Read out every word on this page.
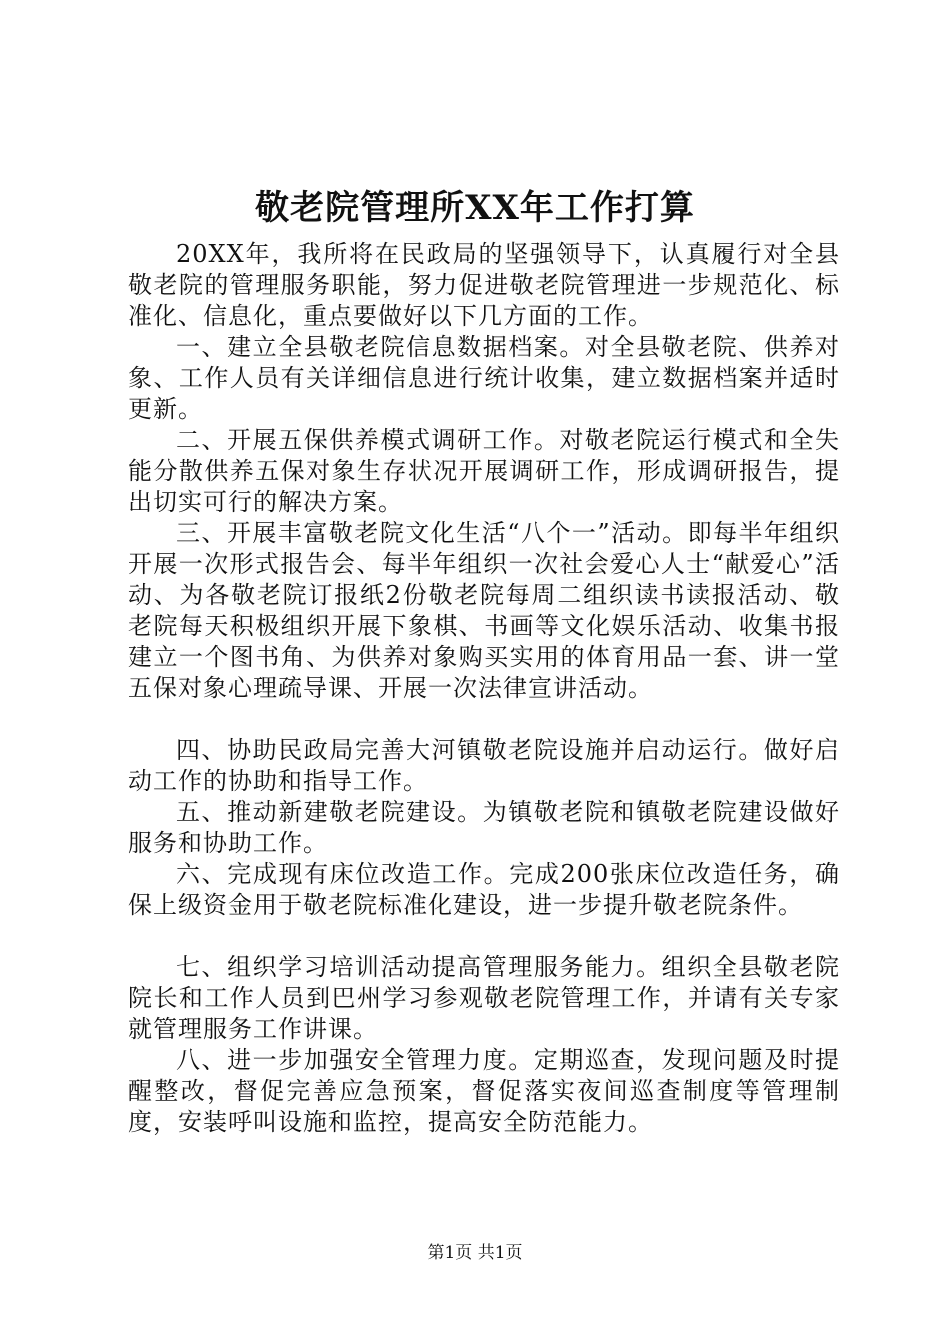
敬老院管理所XX年工作打算

20XX年，我所将在民政局的坚强领导下，认真履行对全县敬老院的管理服务职能，努力促进敬老院管理进一步规范化、标准化、信息化，重点要做好以下几方面的工作。

一、建立全县敬老院信息数据档案。对全县敬老院、供养对象、工作人员有关详细信息进行统计收集，建立数据档案并适时更新。

二、开展五保供养模式调研工作。对敬老院运行模式和全失能分散供养五保对象生存状况开展调研工作，形成调研报告，提出切实可行的解决方案。

三、开展丰富敬老院文化生活“八个一”活动。即每半年组织开展一次形式报告会、每半年组织一次社会爱心人士“献爱心”活动、为各敬老院订报纸2份敬老院每周二组织读书读报活动、敬老院每天积极组织开展下象棋、书画等文化娱乐活动、收集书报建立一个图书角、为供养对象购买实用的体育用品一套、讲一堂五保对象心理疏导课、开展一次法律宣讲活动。

四、协助民政局完善大河镇敬老院设施并启动运行。做好启动工作的协助和指导工作。

五、推动新建敬老院建设。为镇敬老院和镇敬老院建设做好服务和协助工作。

六、完成现有床位改造工作。完成200张床位改造任务，确保上级资金用于敬老院标准化建设，进一步提升敬老院条件。

七、组织学习培训活动提高管理服务能力。组织全县敬老院院长和工作人员到巴州学习参观敬老院管理工作，并请有关专家就管理服务工作讲课。

八、进一步加强安全管理力度。定期巡查，发现问题及时提醒整改，督促完善应急预案，督促落实夜间巡查制度等管理制度，安装呼叫设施和监控，提高安全防范能力。

第1页 共1页
